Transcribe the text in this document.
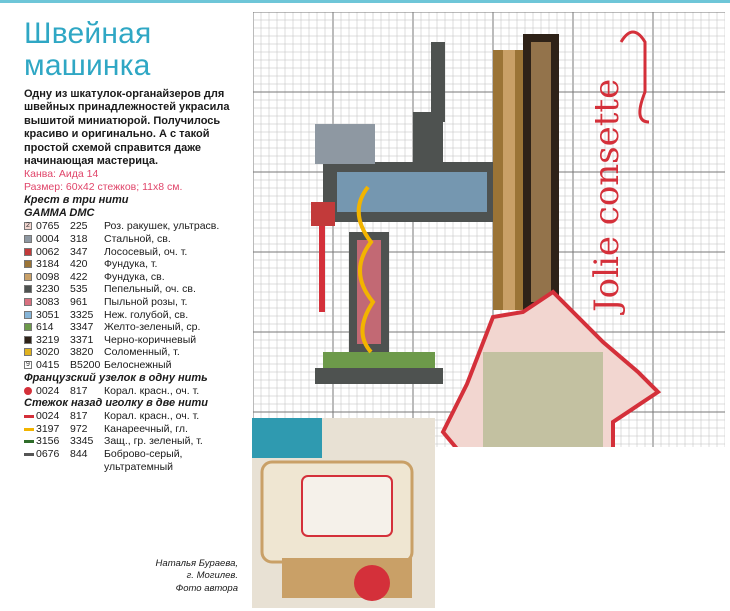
Швейная
машинка

Одну из шкатулок-органайзеров для швейных принадлежностей украсила вышитой миниатюрой. Получилось красиво и оригинально. А с такой простой схемой справится даже начинающая мастерица.

Канва: Аида 14
Размер: 60х42 стежков; 11х8 см.
Крест в три нити
GAMMA DMC
2 0765	225	Роз. ракушек, ультрасв.
0004	318	Стальной, св.
0062	347	Лососевый, оч. т.
3184	420	Фундука, т.
0098	422	Фундука, св.
3230	535	Пепельный, оч. св.
3083	961	Пыльной розы, т.
3051	3325	Неж. голубой, св.
614	3347	Желто-зеленый, ср.
3219	3371	Черно-коричневый
3020	3820	Соломенный, т.
9 0415	B5200 Белоснежный
Французский узелок в одну нить
0024	817	Корал. красн., оч. т.
Стежок назад иголку в две нити
0024	817	Корал. красн., оч. т.
3197	972	Канареечный, гл.
3156	3345	Защ., гр. зеленый, т.
0676	844	Боброво-серый, ультратемный
Наталья Бураева,
г. Могилев.
Фото автора
Jolie consette
